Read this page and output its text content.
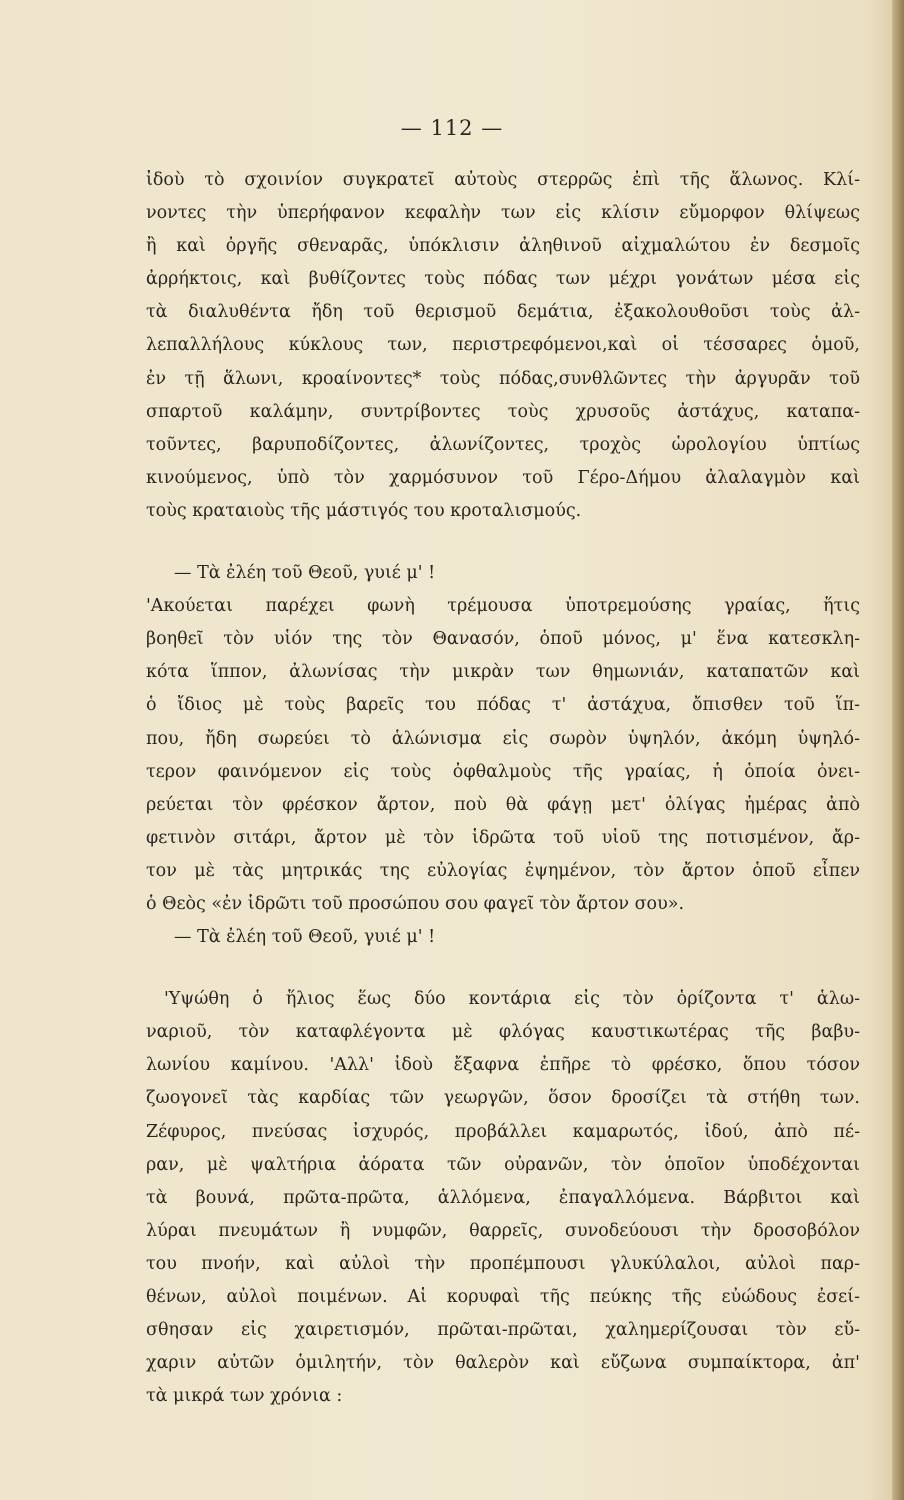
— 112 —
ἰδοὺ τὸ σχοινίον συγκρατεῖ αὐτοὺς στερρῶς ἐπὶ τῆς ἅλωνος. Κλί-
νοντες τὴν ὑπερήφανον κεφαλὴν των εἰς κλίσιν εὔμορφον θλίψεως
ἢ καὶ ὀργῆς σθεναρᾶς, ὑπόκλισιν ἀληθινοῦ αἰχμαλώτου ἐν δεσμοῖς
ἀρρήκτοις, καὶ βυθίζοντες τοὺς πόδας των μέχρι γονάτων μέσα εἰς
τὰ διαλυθέντα ἤδη τοῦ θερισμοῦ δεμάτια, ἐξακολουθοῦσι τοὺς ἀλ-
λεπαλλήλους κύκλους των, περιστρεφόμενοι,καὶ οἱ τέσσαρες ὁμοῦ,
ἐν τῇ ἅλωνι, κροαίνοντες* τοὺς πόδας,συνθλῶντες τὴν ἀργυρᾶν τοῦ
σπαρτοῦ καλάμην, συντρίβοντες τοὺς χρυσοῦς ἀστάχυς, καταπα-
τοῦντες, βαρυποδίζοντες, ἀλωνίζοντες, τροχὸς ὡρολογίου ὑπτίως
κινούμενος, ὑπὸ τὸν χαρμόσυνον τοῦ Γέρο-Δήμου ἀλαλαγμὸν καὶ
τοὺς κραταιοὺς τῆς μάστιγός του κροταλισμούς.
— Τὰ ἐλέη τοῦ Θεοῦ, γυιέ μ' !
'Ακούεται παρέχει φωνὴ τρέμουσα ὑποτρεμούσης γραίας, ἥτις
βοηθεῖ τὸν υἱόν της τὸν Θανασόν, ὁποῦ μόνος, μ' ἕνα κατεσκλη-
κότα ἵππον, ἀλωνίσας τὴν μικρὰν των θημωνιάν, καταπατῶν καὶ
ὁ ἴδιος μὲ τοὺς βαρεῖς του πόδας τ' ἀστάχυα, ὄπισθεν τοῦ ἵπ-
που, ἤδη σωρεύει τὸ ἁλώνισμα εἰς σωρὸν ὑψηλόν, ἀκόμη ὑψηλό-
τερον φαινόμενον εἰς τοὺς ὀφθαλμοὺς τῆς γραίας, ἡ ὁποία ὀνει-
ρεύεται τὸν φρέσκον ἄρτον, ποὺ θὰ φάγῃ μετ' ὀλίγας ἡμέρας ἀπὸ
φετινὸν σιτάρι, ἄρτον μὲ τὸν ἱδρῶτα τοῦ υἱοῦ της ποτισμένον, ἄρ-
τον μὲ τὰς μητρικάς της εὐλογίας ἐψημένον, τὸν ἄρτον ὁποῦ εἶπεν
ὁ Θεὸς «ἐν ἱδρῶτι τοῦ προσώπου σου φαγεῖ τὸν ἄρτον σου».
— Τὰ ἐλέη τοῦ Θεοῦ, γυιέ μ' !
'Υψώθη ὁ ἥλιος ἕως δύο κοντάρια εἰς τὸν ὁρίζοντα τ' ἁλω-
ναριοῦ, τὸν καταφλέγοντα μὲ φλόγας καυστικωτέρας τῆς βαβυ-
λωνίου καμίνου. 'Αλλ' ἰδοὺ ἔξαφνα ἐπῆρε τὸ φρέσκο, ὅπου τόσον
ζωογονεῖ τὰς καρδίας τῶν γεωργῶν, ὅσον δροσίζει τὰ στήθη των.
Ζέφυρος, πνεύσας ἰσχυρός, προβάλλει καμαρωτός, ἰδού, ἀπὸ πέ-
ραν, μὲ ψαλτήρια ἀόρατα τῶν οὐρανῶν, τὸν ὁποῖον ὑποδέχονται
τὰ βουνά, πρῶτα-πρῶτα, ἁλλόμενα, ἐπαγαλλόμενα. Βάρβιτοι καὶ
λύραι πνευμάτων ἢ νυμφῶν, θαρρεῖς, συνοδεύουσι τὴν δροσοβόλον
του πνοήν, καὶ αὐλοὶ τὴν προπέμπουσι γλυκύλαλοι, αὐλοὶ παρ-
θένων, αὐλοὶ ποιμένων. Αἱ κορυφαὶ τῆς πεύκης τῆς εὐώδους ἐσεί-
σθησαν εἰς χαιρετισμόν, πρῶται-πρῶται, χαλημερίζουσαι τὸν εὔ-
χαριν αὐτῶν ὁμιλητήν, τὸν θαλερὸν καὶ εὔζωνα συμπαίκτορα, ἀπ'
τὰ μικρά των χρόνια :
